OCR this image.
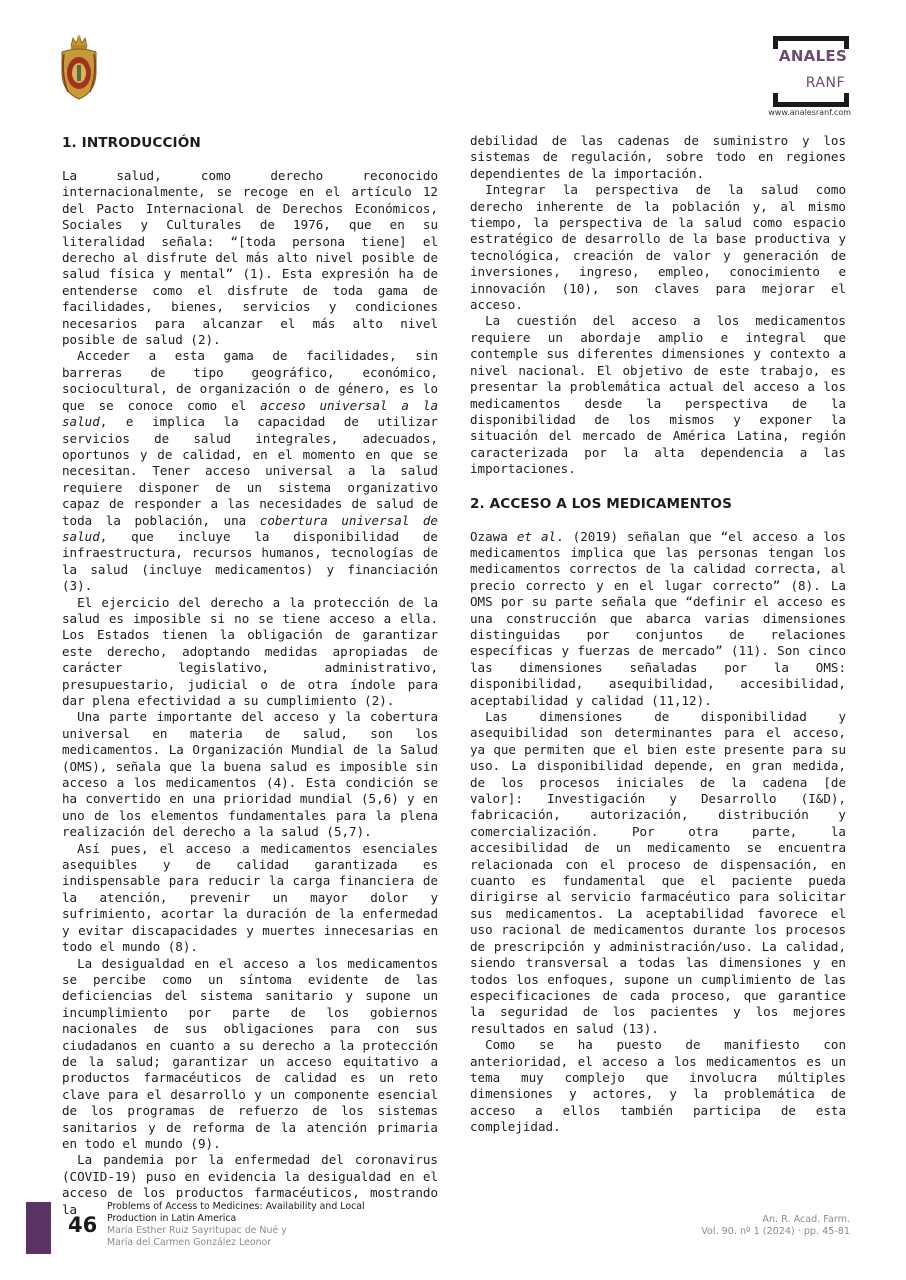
ANALES
RANF
www.analesranf.com
1. INTRODUCCIÓN

La salud, como derecho reconocido internacionalmente, se recoge en el artículo 12 del Pacto Internacional de Derechos Económicos, Sociales y Culturales de 1976, que en su literalidad señala: “[toda persona tiene] el derecho al disfrute del más alto nivel posible de salud física y mental” (1). Esta expresión ha de entenderse como el disfrute de toda gama de facilidades, bienes, servicios y condiciones necesarios para alcanzar el más alto nivel posible de salud (2).

Acceder a esta gama de facilidades, sin barreras de tipo geográfico, económico, sociocultural, de organización o de género, es lo que se conoce como el acceso universal a la salud, e implica la capacidad de utilizar servicios de salud integrales, adecuados, oportunos y de calidad, en el momento en que se necesitan. Tener acceso universal a la salud requiere disponer de un sistema organizativo capaz de responder a las necesidades de salud de toda la población, una cobertura universal de salud, que incluye la disponibilidad de infraestructura, recursos humanos, tecnologías de la salud (incluye medicamentos) y financiación (3).

El ejercicio del derecho a la protección de la salud es imposible si no se tiene acceso a ella. Los Estados tienen la obligación de garantizar este derecho, adoptando medidas apropiadas de carácter legislativo, administrativo, presupuestario, judicial o de otra índole para dar plena efectividad a su cumplimiento (2).

Una parte importante del acceso y la cobertura universal en materia de salud, son los medicamentos. La Organización Mundial de la Salud (OMS), señala que la buena salud es imposible sin acceso a los medicamentos (4). Esta condición se ha convertido en una prioridad mundial (5,6) y en uno de los elementos fundamentales para la plena realización del derecho a la salud (5,7).

Así pues, el acceso a medicamentos esenciales asequibles y de calidad garantizada es indispensable para reducir la carga financiera de la atención, prevenir un mayor dolor y sufrimiento, acortar la duración de la enfermedad y evitar discapacidades y muertes innecesarias en todo el mundo (8).

La desigualdad en el acceso a los medicamentos se percibe como un síntoma evidente de las deficiencias del sistema sanitario y supone un incumplimiento por parte de los gobiernos nacionales de sus obligaciones para con sus ciudadanos en cuanto a su derecho a la protección de la salud; garantizar un acceso equitativo a productos farmacéuticos de calidad es un reto clave para el desarrollo y un componente esencial de los programas de refuerzo de los sistemas sanitarios y de reforma de la atención primaria en todo el mundo (9).

La pandemia por la enfermedad del coronavirus (COVID-19) puso en evidencia la desigualdad en el acceso de los productos farmacéuticos, mostrando la

debilidad de las cadenas de suministro y los sistemas de regulación, sobre todo en regiones dependientes de la importación.

Integrar la perspectiva de la salud como derecho inherente de la población y, al mismo tiempo, la perspectiva de la salud como espacio estratégico de desarrollo de la base productiva y tecnológica, creación de valor y generación de inversiones, ingreso, empleo, conocimiento e innovación (10), son claves para mejorar el acceso.

La cuestión del acceso a los medicamentos requiere un abordaje amplio e integral que contemple sus diferentes dimensiones y contexto a nivel nacional. El objetivo de este trabajo, es presentar la problemática actual del acceso a los medicamentos desde la perspectiva de la disponibilidad de los mismos y exponer la situación del mercado de América Latina, región caracterizada por la alta dependencia a las importaciones.

2. ACCESO A LOS MEDICAMENTOS

Ozawa et al. (2019) señalan que “el acceso a los medicamentos implica que las personas tengan los medicamentos correctos de la calidad correcta, al precio correcto y en el lugar correcto” (8). La OMS por su parte señala que “definir el acceso es una construcción que abarca varias dimensiones distinguidas por conjuntos de relaciones específicas y fuerzas de mercado” (11). Son cinco las dimensiones señaladas por la OMS: disponibilidad, asequibilidad, accesibilidad, aceptabilidad y calidad (11,12).

Las dimensiones de disponibilidad y asequibilidad son determinantes para el acceso, ya que permiten que el bien este presente para su uso. La disponibilidad depende, en gran medida, de los procesos iniciales de la cadena [de valor]: Investigación y Desarrollo (I&D), fabricación, autorización, distribución y comercialización. Por otra parte, la accesibilidad de un medicamento se encuentra relacionada con el proceso de dispensación, en cuanto es fundamental que el paciente pueda dirigirse al servicio farmacéutico para solicitar sus medicamentos. La aceptabilidad favorece el uso racional de medicamentos durante los procesos de prescripción y administración/uso. La calidad, siendo transversal a todas las dimensiones y en todos los enfoques, supone un cumplimiento de las especificaciones de cada proceso, que garantice la seguridad de los pacientes y los mejores resultados en salud (13).

Como se ha puesto de manifiesto con anterioridad, el acceso a los medicamentos es un tema muy complejo que involucra múltiples dimensiones y actores, y la problemática de acceso a ellos también participa de esta complejidad.

46
Problems of Access to Medicines: Availability and Local
Production in Latin America
María Esther Ruiz Sayritupac de Nué y
María del Carmen González Leonor
An. R. Acad. Farm.
Vol. 90. nº 1 (2024) · pp. 45-81
